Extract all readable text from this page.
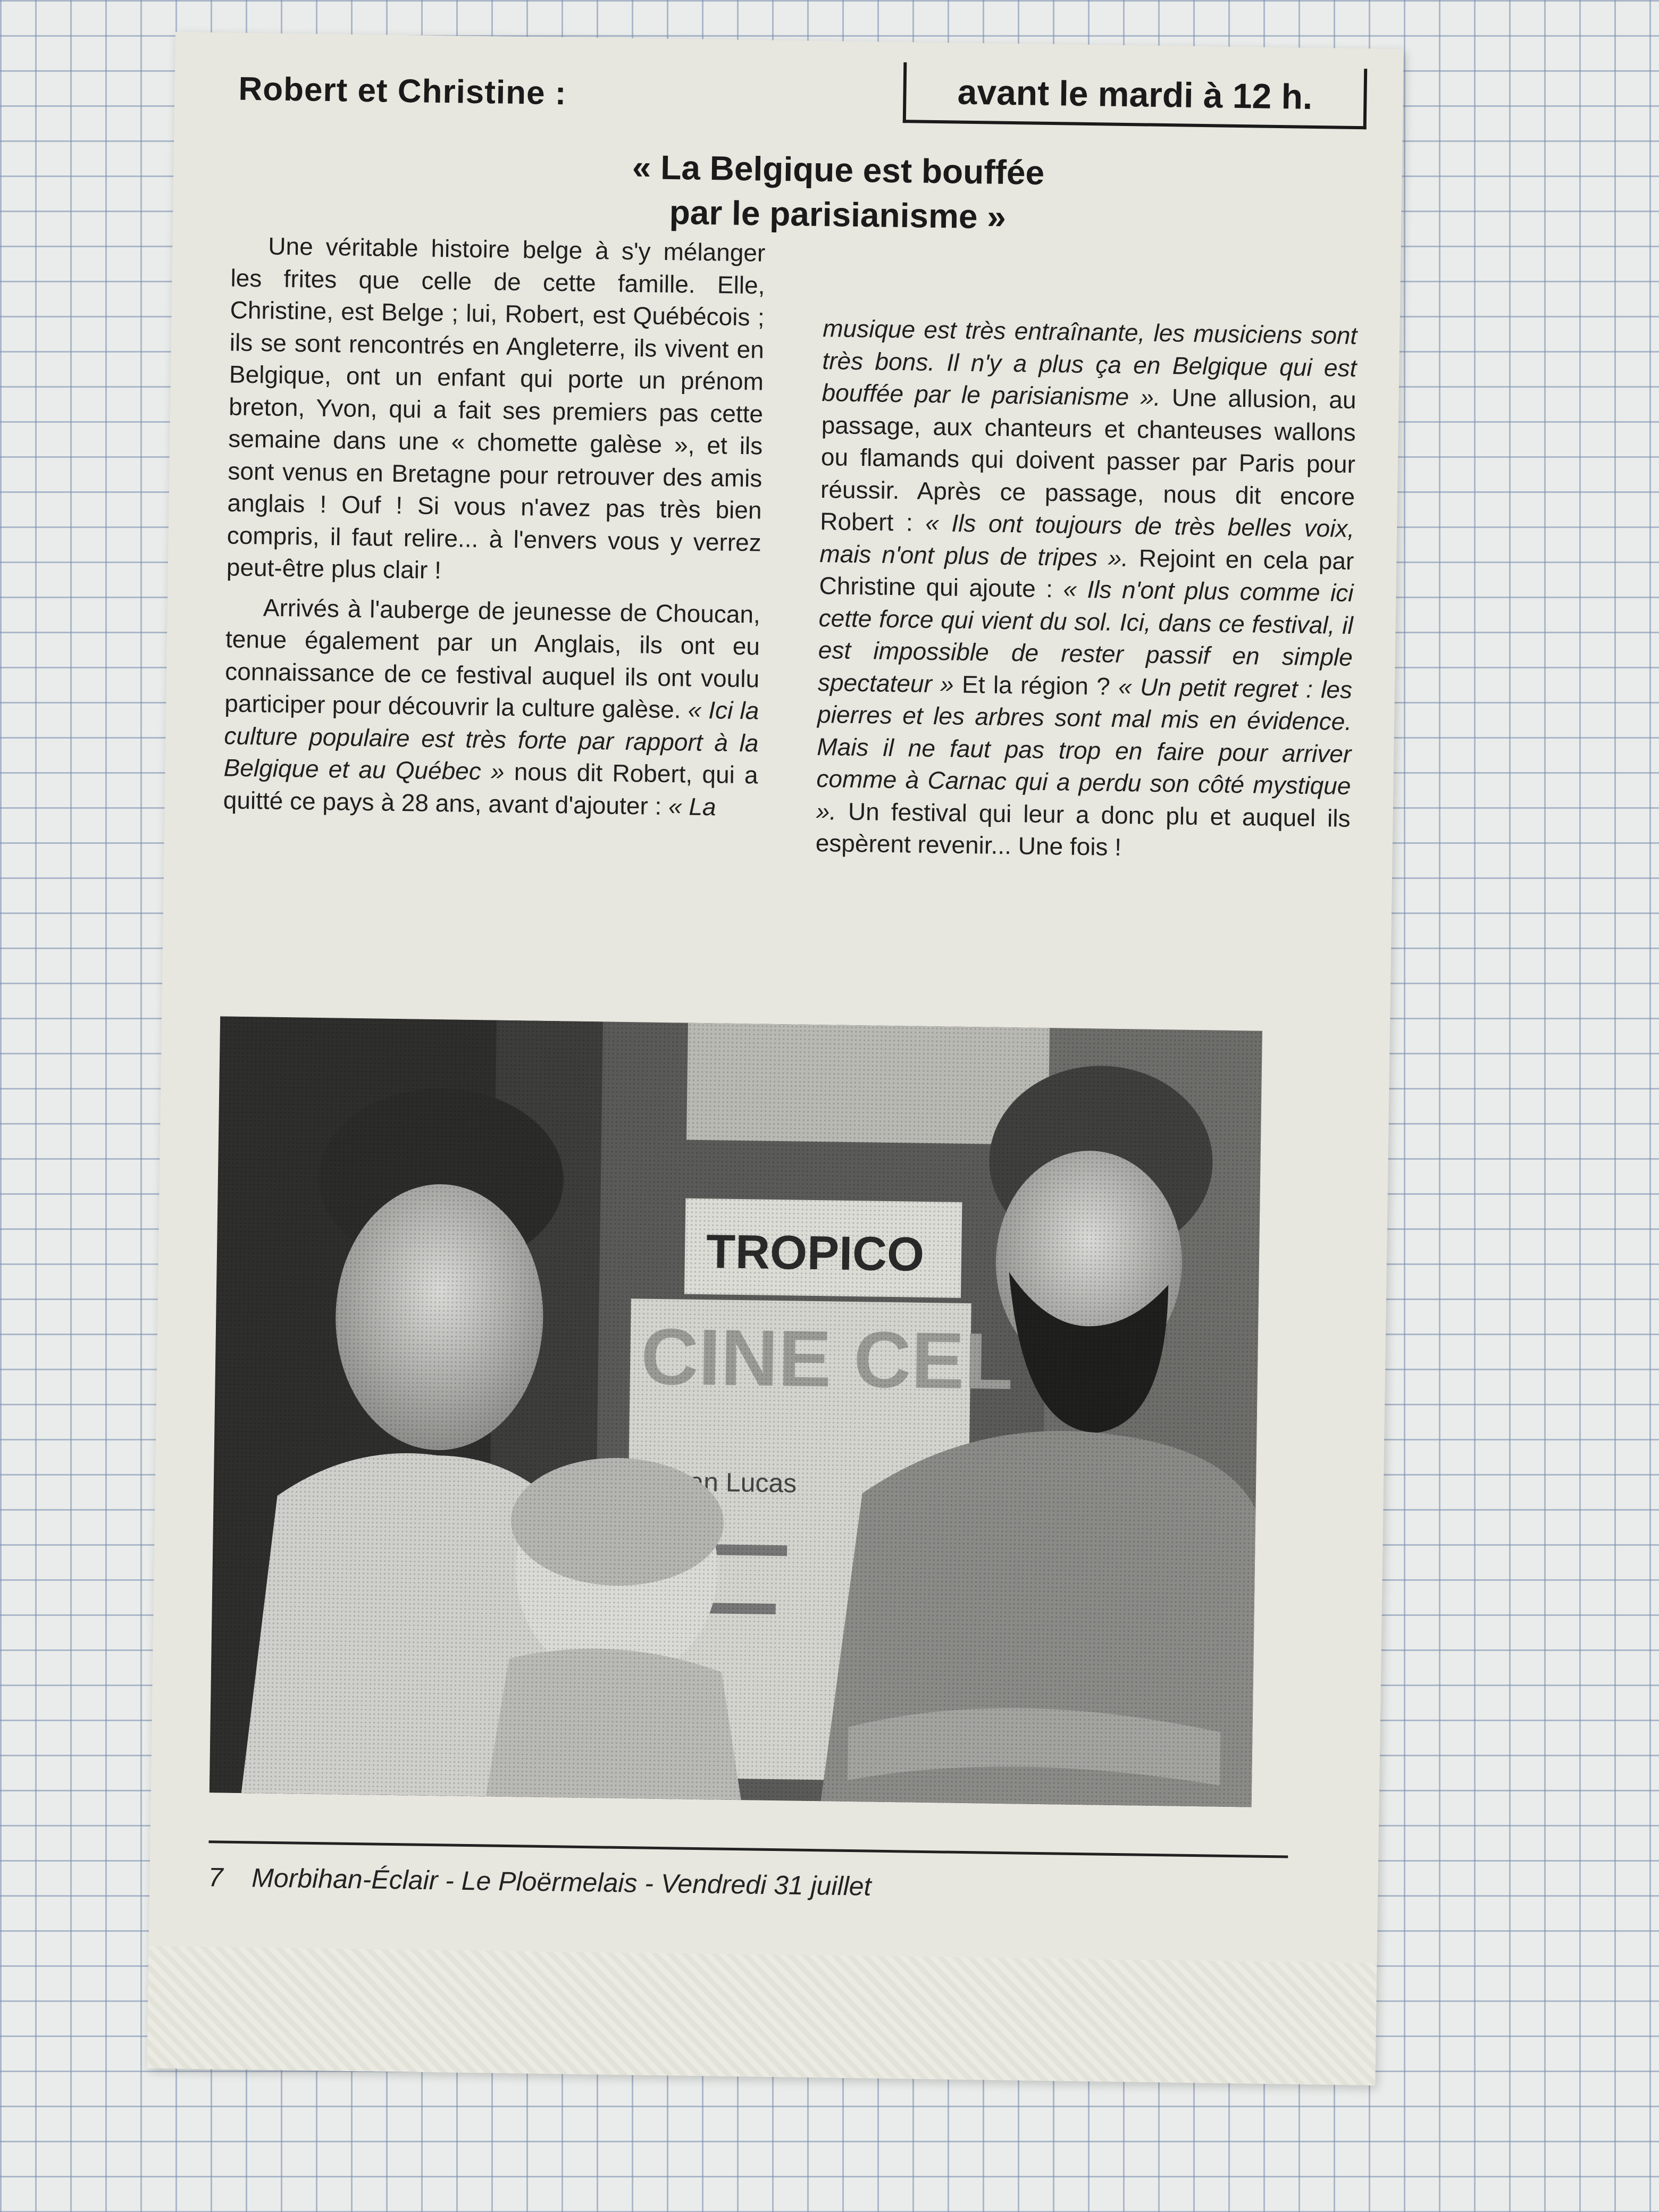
Robert et Christine :	avant le mardi à 12 h.
« La Belgique est bouffée
par le parisianisme »

Une véritable histoire belge à s'y mélanger les frites que celle de cette famille. Elle, Christine, est Belge ; lui, Robert, est Québécois ; ils se sont rencontrés en Angleterre, ils vivent en Belgique, ont un enfant qui porte un prénom breton, Yvon, qui a fait ses premiers pas cette semaine dans une « chomette galèse », et ils sont venus en Bretagne pour retrouver des amis anglais ! Ouf ! Si vous n'avez pas très bien compris, il faut relire... à l'envers vous y verrez peut-être plus clair !

Arrivés à l'auberge de jeunesse de Choucan, tenue également par un Anglais, ils ont eu connaissance de ce festival auquel ils ont voulu participer pour découvrir la culture galèse. « Ici la culture populaire est très forte par rapport à la Belgique et au Québec » nous dit Robert, qui a quitté ce pays à 28 ans, avant d'ajouter : « La

musique est très entraînante, les musiciens sont très bons. Il n'y a plus ça en Belgique qui est bouffée par le parisianisme ». Une allusion, au passage, aux chanteurs et chanteuses wallons ou flamands qui doivent passer par Paris pour réussir. Après ce passage, nous dit encore Robert : « Ils ont toujours de très belles voix, mais n'ont plus de tripes ». Rejoint en cela par Christine qui ajoute : « Ils n'ont plus comme ici cette force qui vient du sol. Ici, dans ce festival, il est impossible de rester passif en simple spectateur » Et la région ? « Un petit regret : les pierres et les arbres sont mal mis en évidence. Mais il ne faut pas trop en faire pour arriver comme à Carnac qui a perdu son côté mystique ». Un festival qui leur a donc plu et auquel ils espèrent revenir... Une fois !

7 Morbihan-Éclair - Le Ploërmelais - Vendredi 31 juillet
